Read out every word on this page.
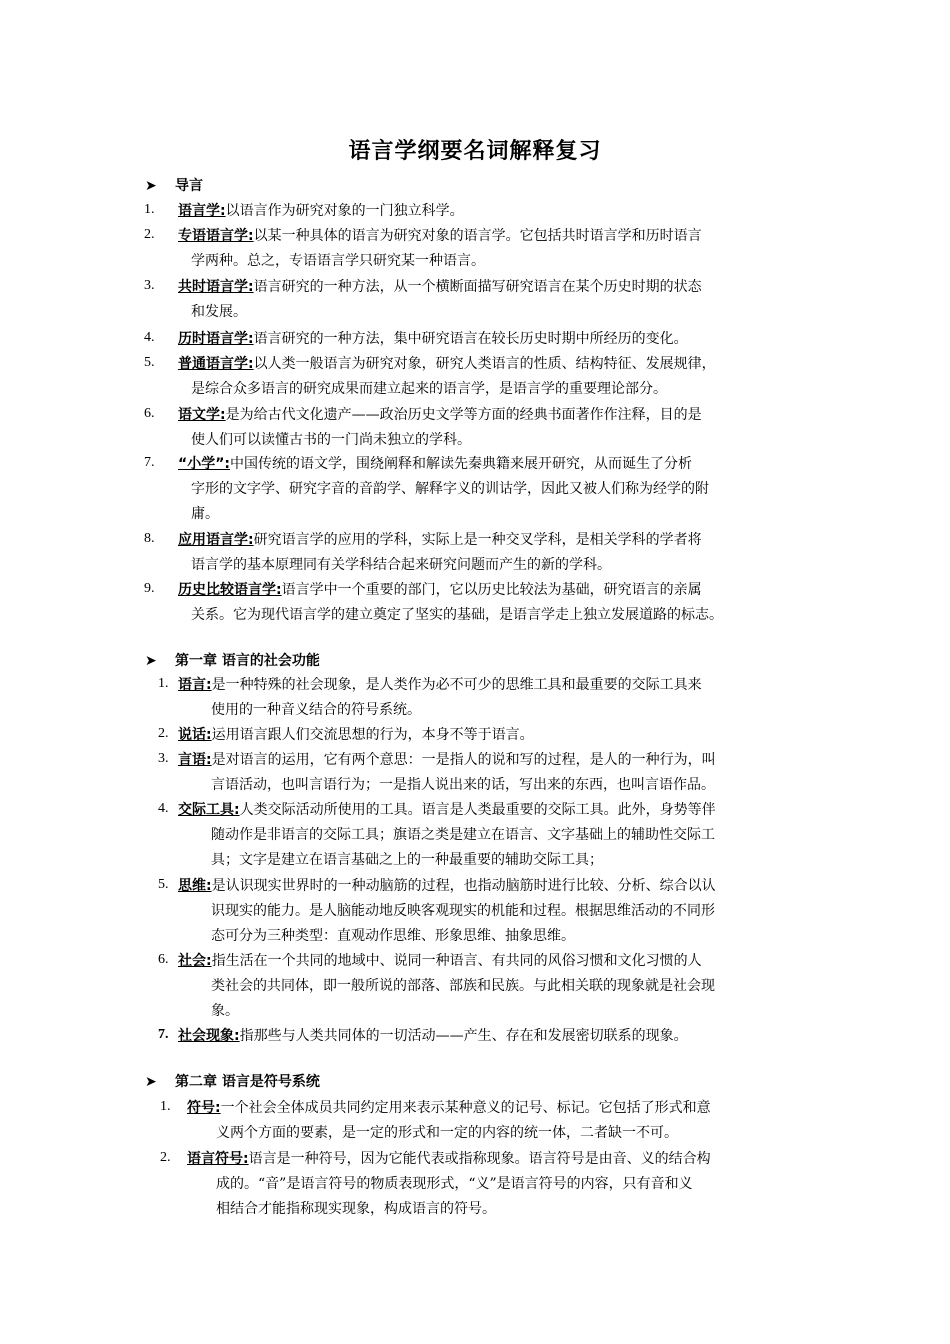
语言学纲要名词解释复习
➤ 导言
1. 语言学:以语言作为研究对象的一门独立科学。
2. 专语语言学:以某一种具体的语言为研究对象的语言学。它包括共时语言学和历时语言
学两种。总之，专语语言学只研究某一种语言。
3. 共时语言学:语言研究的一种方法，从一个横断面描写研究语言在某个历史时期的状态
和发展。
4. 历时语言学:语言研究的一种方法，集中研究语言在较长历史时期中所经历的变化。
5. 普通语言学:以人类一般语言为研究对象，研究人类语言的性质、结构特征、发展规律，
是综合众多语言的研究成果而建立起来的语言学，是语言学的重要理论部分。
6. 语文学:是为给古代文化遗产——政治历史文学等方面的经典书面著作作注释，目的是
使人们可以读懂古书的一门尚未独立的学科。
7. “小学”:中国传统的语文学，围绕阐释和解读先秦典籍来展开研究，从而诞生了分析
字形的文字学、研究字音的音韵学、解释字义的训诂学，因此又被人们称为经学的附
庸。
8. 应用语言学:研究语言学的应用的学科，实际上是一种交叉学科，是相关学科的学者将
语言学的基本原理同有关学科结合起来研究问题而产生的新的学科。
9. 历史比较语言学:语言学中一个重要的部门，它以历史比较法为基础，研究语言的亲属
关系。它为现代语言学的建立奠定了坚实的基础，是语言学走上独立发展道路的标志。
➤ 第一章 语言的社会功能
1. 语言:是一种特殊的社会现象，是人类作为必不可少的思维工具和最重要的交际工具来
使用的一种音义结合的符号系统。
2. 说话:运用语言跟人们交流思想的行为，本身不等于语言。
3. 言语:是对语言的运用，它有两个意思：一是指人的说和写的过程，是人的一种行为，叫
言语活动，也叫言语行为；一是指人说出来的话，写出来的东西，也叫言语作品。
4. 交际工具:人类交际活动所使用的工具。语言是人类最重要的交际工具。此外，身势等伴
随动作是非语言的交际工具；旗语之类是建立在语言、文字基础上的辅助性交际工
具；文字是建立在语言基础之上的一种最重要的辅助交际工具；
5. 思维:是认识现实世界时的一种动脑筋的过程，也指动脑筋时进行比较、分析、综合以认
识现实的能力。是人脑能动地反映客观现实的机能和过程。根据思维活动的不同形
态可分为三种类型：直观动作思维、形象思维、抽象思维。
6. 社会:指生活在一个共同的地域中、说同一种语言、有共同的风俗习惯和文化习惯的人
类社会的共同体，即一般所说的部落、部族和民族。与此相关联的现象就是社会现
象。
7. 社会现象:指那些与人类共同体的一切活动——产生、存在和发展密切联系的现象。
➤ 第二章 语言是符号系统
1. 符号:一个社会全体成员共同约定用来表示某种意义的记号、标记。它包括了形式和意
义两个方面的要素，是一定的形式和一定的内容的统一体，二者缺一不可。
2. 语言符号:语言是一种符号，因为它能代表或指称现象。语言符号是由音、义的结合构
成的。“音”是语言符号的物质表现形式，“义”是语言符号的内容，只有音和义
相结合才能指称现实现象，构成语言的符号。
